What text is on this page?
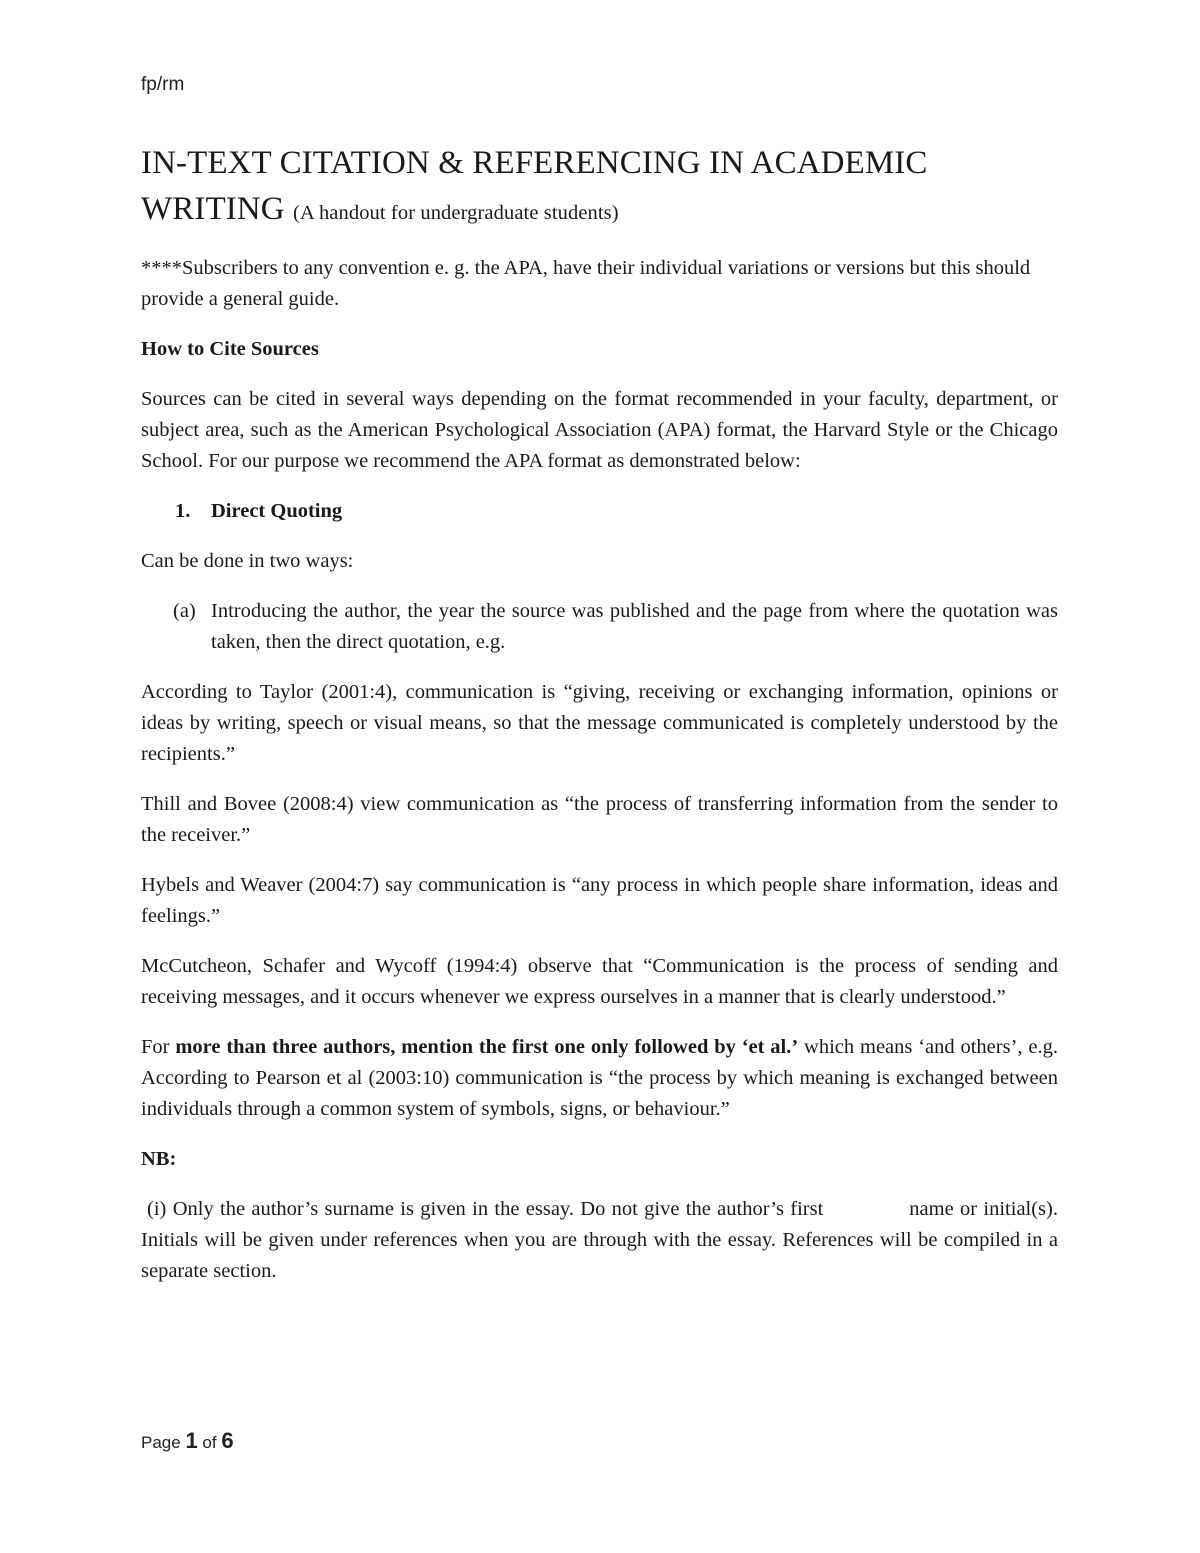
fp/rm
IN-TEXT CITATION & REFERENCING IN ACADEMIC WRITING (A handout for undergraduate students)

****Subscribers to any convention e. g. the APA, have their individual variations or versions but this should provide a general guide.

How to Cite Sources

Sources can be cited in several ways depending on the format recommended in your faculty, department, or subject area, such as the American Psychological Association (APA) format, the Harvard Style or the Chicago School. For our purpose we recommend the APA format as demonstrated below:

1. Direct Quoting

Can be done in two ways:

(a) Introducing the author, the year the source was published and the page from where the quotation was taken, then the direct quotation, e.g.

According to Taylor (2001:4), communication is “giving, receiving or exchanging information, opinions or ideas by writing, speech or visual means, so that the message communicated is completely understood by the recipients.”

Thill and Bovee (2008:4) view communication as “the process of transferring information from the sender to the receiver.”

Hybels and Weaver (2004:7) say communication is “any process in which people share information, ideas and feelings.”

McCutcheon, Schafer and Wycoff (1994:4) observe that “Communication is the process of sending and receiving messages, and it occurs whenever we express ourselves in a manner that is clearly understood.”

For more than three authors, mention the first one only followed by ‘et al.’ which means ‘and others’, e.g. According to Pearson et al (2003:10) communication is “the process by which meaning is exchanged between individuals through a common system of symbols, signs, or behaviour.”

NB:

(i) Only the author’s surname is given in the essay. Do not give the author’s first	name or initial(s). Initials will be given under references when you are through with the essay. References will be compiled in a separate section.

Page 1 of 6
